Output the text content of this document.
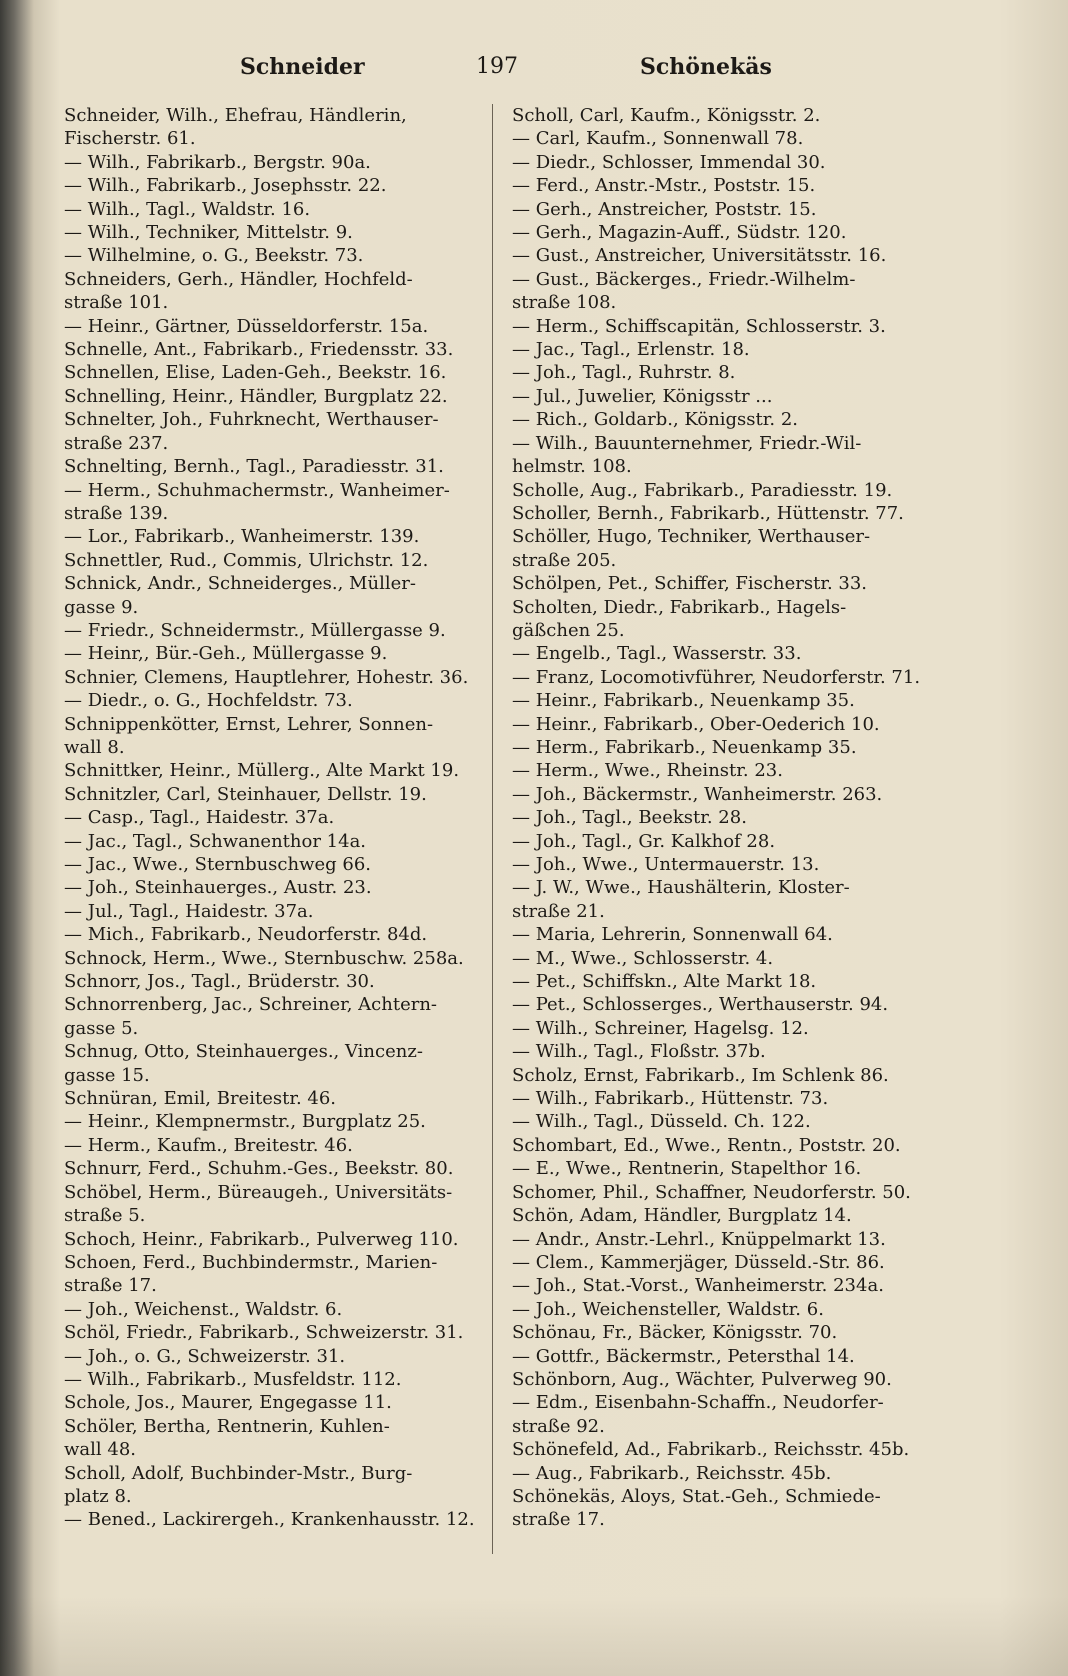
Schneider	197	Schönekäs
Schneider, Wilh., Ehefrau, Händlerin,
Fischerstr. 61.
— Wilh., Fabrikarb., Bergstr. 90a.
— Wilh., Fabrikarb., Josephsstr. 22.
— Wilh., Tagl., Waldstr. 16.
— Wilh., Techniker, Mittelstr. 9.
— Wilhelmine, o. G., Beekstr. 73.
Schneiders, Gerh., Händler, Hochfeld-
straße 101.
— Heinr., Gärtner, Düsseldorferstr. 15a.
Schnelle, Ant., Fabrikarb., Friedensstr. 33.
Schnellen, Elise, Laden-Geh., Beekstr. 16.
Schnelling, Heinr., Händler, Burgplatz 22.
Schnelter, Joh., Fuhrknecht, Werthauser-
straße 237.
Schnelting, Bernh., Tagl., Paradiesstr. 31.
— Herm., Schuhmachermstr., Wanheimer-
straße 139.
— Lor., Fabrikarb., Wanheimerstr. 139.
Schnettler, Rud., Commis, Ulrichstr. 12.
Schnick, Andr., Schneiderges., Müller-
gasse 9.
— Friedr., Schneidermstr., Müllergasse 9.
— Heinr,, Bür.-Geh., Müllergasse 9.
Schnier, Clemens, Hauptlehrer, Hohestr. 36.
— Diedr., o. G., Hochfeldstr. 73.
Schnippenkötter, Ernst, Lehrer, Sonnen-
wall 8.
Schnittker, Heinr., Müllerg., Alte Markt 19.
Schnitzler, Carl, Steinhauer, Dellstr. 19.
— Casp., Tagl., Haidestr. 37a.
— Jac., Tagl., Schwanenthor 14a.
— Jac., Wwe., Sternbuschweg 66.
— Joh., Steinhauerges., Austr. 23.
— Jul., Tagl., Haidestr. 37a.
— Mich., Fabrikarb., Neudorferstr. 84d.
Schnock, Herm., Wwe., Sternbuschw. 258a.
Schnorr, Jos., Tagl., Brüderstr. 30.
Schnorrenberg, Jac., Schreiner, Achtern-
gasse 5.
Schnug, Otto, Steinhauerges., Vincenz-
gasse 15.
Schnüran, Emil, Breitestr. 46.
— Heinr., Klempnermstr., Burgplatz 25.
— Herm., Kaufm., Breitestr. 46.
Schnurr, Ferd., Schuhm.-Ges., Beekstr. 80.
Schöbel, Herm., Büreaugeh., Universitäts-
straße 5.
Schoch, Heinr., Fabrikarb., Pulverweg 110.
Schoen, Ferd., Buchbindermstr., Marien-
straße 17.
— Joh., Weichenst., Waldstr. 6.
Schöl, Friedr., Fabrikarb., Schweizerstr. 31.
— Joh., o. G., Schweizerstr. 31.
— Wilh., Fabrikarb., Musfeldstr. 112.
Schole, Jos., Maurer, Engegasse 11.
Schöler, Bertha, Rentnerin, Kuhlen-
wall 48.
Scholl, Adolf, Buchbinder-Mstr., Burg-
platz 8.
— Bened., Lackirergeh., Krankenhausstr. 12.
Scholl, Carl, Kaufm., Königsstr. 2.
— Carl, Kaufm., Sonnenwall 78.
— Diedr., Schlosser, Immendal 30.
— Ferd., Anstr.-Mstr., Poststr. 15.
— Gerh., Anstreicher, Poststr. 15.
— Gerh., Magazin-Auff., Südstr. 120.
— Gust., Anstreicher, Universitätsstr. 16.
— Gust., Bäckerges., Friedr.-Wilhelm-
straße 108.
— Herm., Schiffscapitän, Schlosserstr. 3.
— Jac., Tagl., Erlenstr. 18.
— Joh., Tagl., Ruhrstr. 8.
— Jul., Juwelier, Königsstr ...
— Rich., Goldarb., Königsstr. 2.
— Wilh., Bauunternehmer, Friedr.-Wil-
helmstr. 108.
Scholle, Aug., Fabrikarb., Paradiesstr. 19.
Scholler, Bernh., Fabrikarb., Hüttenstr. 77.
Schöller, Hugo, Techniker, Werthauser-
straße 205.
Schölpen, Pet., Schiffer, Fischerstr. 33.
Scholten, Diedr., Fabrikarb., Hagels-
gäßchen 25.
— Engelb., Tagl., Wasserstr. 33.
— Franz, Locomotivführer, Neudorferstr. 71.
— Heinr., Fabrikarb., Neuenkamp 35.
— Heinr., Fabrikarb., Ober-Oederich 10.
— Herm., Fabrikarb., Neuenkamp 35.
— Herm., Wwe., Rheinstr. 23.
— Joh., Bäckermstr., Wanheimerstr. 263.
— Joh., Tagl., Beekstr. 28.
— Joh., Tagl., Gr. Kalkhof 28.
— Joh., Wwe., Untermauerstr. 13.
— J. W., Wwe., Haushälterin, Kloster-
straße 21.
— Maria, Lehrerin, Sonnenwall 64.
— M., Wwe., Schlosserstr. 4.
— Pet., Schiffskn., Alte Markt 18.
— Pet., Schlosserges., Werthauserstr. 94.
— Wilh., Schreiner, Hagelsg. 12.
— Wilh., Tagl., Floßstr. 37b.
Scholz, Ernst, Fabrikarb., Im Schlenk 86.
— Wilh., Fabrikarb., Hüttenstr. 73.
— Wilh., Tagl., Düsseld. Ch. 122.
Schombart, Ed., Wwe., Rentn., Poststr. 20.
— E., Wwe., Rentnerin, Stapelthor 16.
Schomer, Phil., Schaffner, Neudorferstr. 50.
Schön, Adam, Händler, Burgplatz 14.
— Andr., Anstr.-Lehrl., Knüppelmarkt 13.
— Clem., Kammerjäger, Düsseld.-Str. 86.
— Joh., Stat.-Vorst., Wanheimerstr. 234a.
— Joh., Weichensteller, Waldstr. 6.
Schönau, Fr., Bäcker, Königsstr. 70.
— Gottfr., Bäckermstr., Petersthal 14.
Schönborn, Aug., Wächter, Pulverweg 90.
— Edm., Eisenbahn-Schaffn., Neudorfer-
straße 92.
Schönefeld, Ad., Fabrikarb., Reichsstr. 45b.
— Aug., Fabrikarb., Reichsstr. 45b.
Schönekäs, Aloys, Stat.-Geh., Schmiede-
straße 17.
